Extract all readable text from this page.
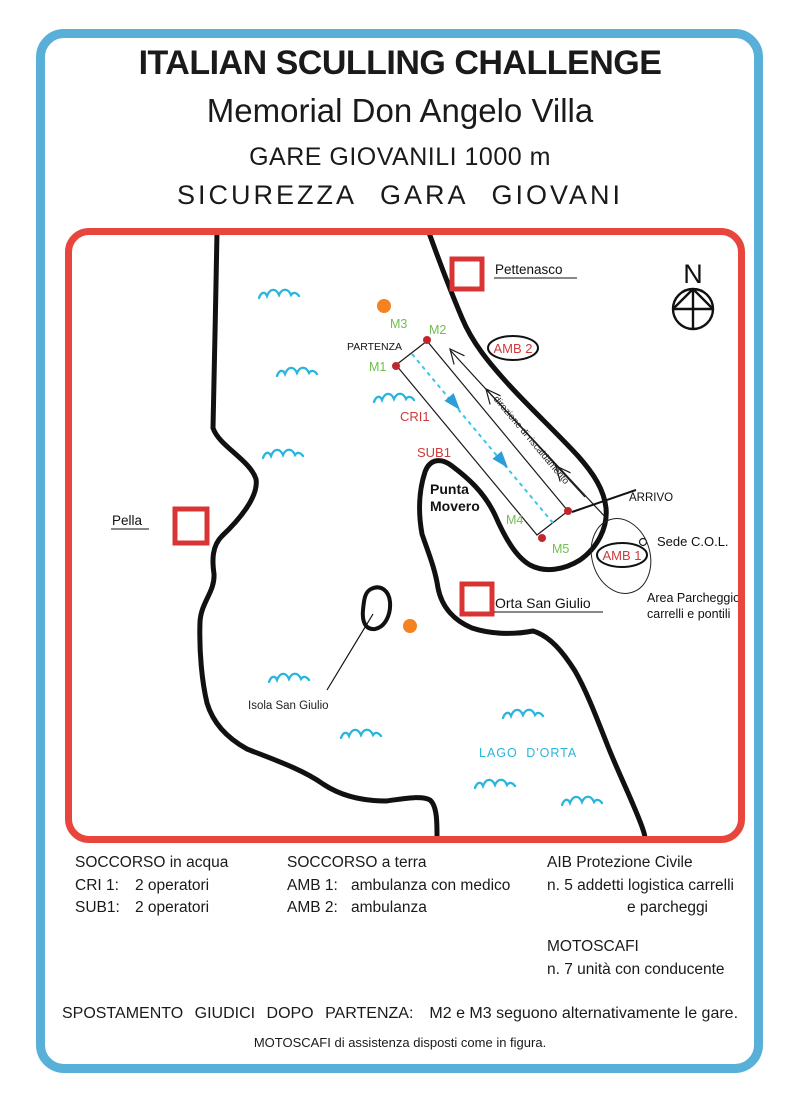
ITALIAN SCULLING CHALLENGE
Memorial Don Angelo Villa
GARE GIOVANILI 1000 m
SICUREZZA GARA GIOVANI
Isola San Giulio
LAGO D'ORTA
direzione di riscaldamento
M1
M2
M3
M4
M5
CRI1
SUB1
PARTENZA
ARRIVO
AMB 2
AMB 1
Sede C.O.L.
Area Parcheggio
carrelli e pontili
Pettenasco
Pella
Orta San Giulio
Punta
Movero
N
SOCCORSO in acqua
CRI 1:	2 operatori
SUB1: 2 operatori
SOCCORSO a terra
AMB 1: ambulanza con medico
AMB 2: ambulanza
AIB Protezione Civile
n. 5 addetti logistica carrelli
e parcheggi
MOTOSCAFI
n. 7 unità con conducente
SPOSTAMENTO GIUDICI DOPO PARTENZA: M2 e M3 seguono alternativamente le gare.
MOTOSCAFI di assistenza disposti come in figura.
